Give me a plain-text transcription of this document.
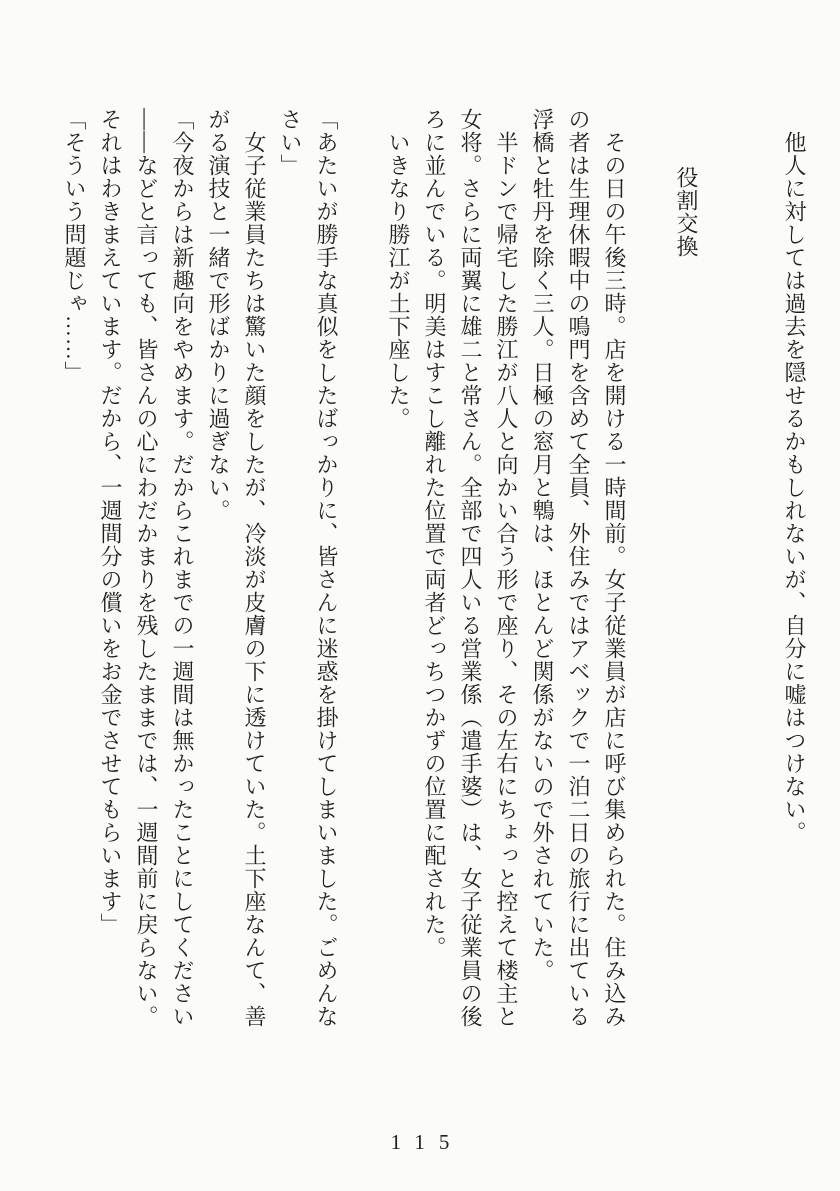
他人に対しては過去を隠せるかもしれないが、自分に嘘はつけない。

役割交換

その日の午後三時。店を開ける一時間前。女子従業員が店に呼び集められた。住み込み
の者は生理休暇中の鳴門を含めて全員、外住みではアベックで一泊二日の旅行に出ている
浮橋と牡丹を除く三人。日極の窓月と鵯は、ほとんど関係がないので外されていた。
半ドンで帰宅した勝江が八人と向かい合う形で座り、その左右にちょっと控えて楼主と
女将。さらに両翼に雄二と常さん。全部で四人いる営業係（遣手婆）は、女子従業員の後
ろに並んでいる。明美はすこし離れた位置で両者どっちつかずの位置に配された。
いきなり勝江が土下座した。

「あたいが勝手な真似をしたばっかりに、皆さんに迷惑を掛けてしまいました。ごめんな
さい」
女子従業員たちは驚いた顔をしたが、冷淡が皮膚の下に透けていた。土下座なんて、善
がる演技と一緒で形ばかりに過ぎない。
「今夜からは新趣向をやめます。だからこれまでの一週間は無かったことにしてください
――などと言っても、皆さんの心にわだかまりを残したままでは、一週間前に戻らない。
それはわきまえています。だから、一週間分の償いをお金でさせてもらいます」
「そういう問題じゃ……」
115
